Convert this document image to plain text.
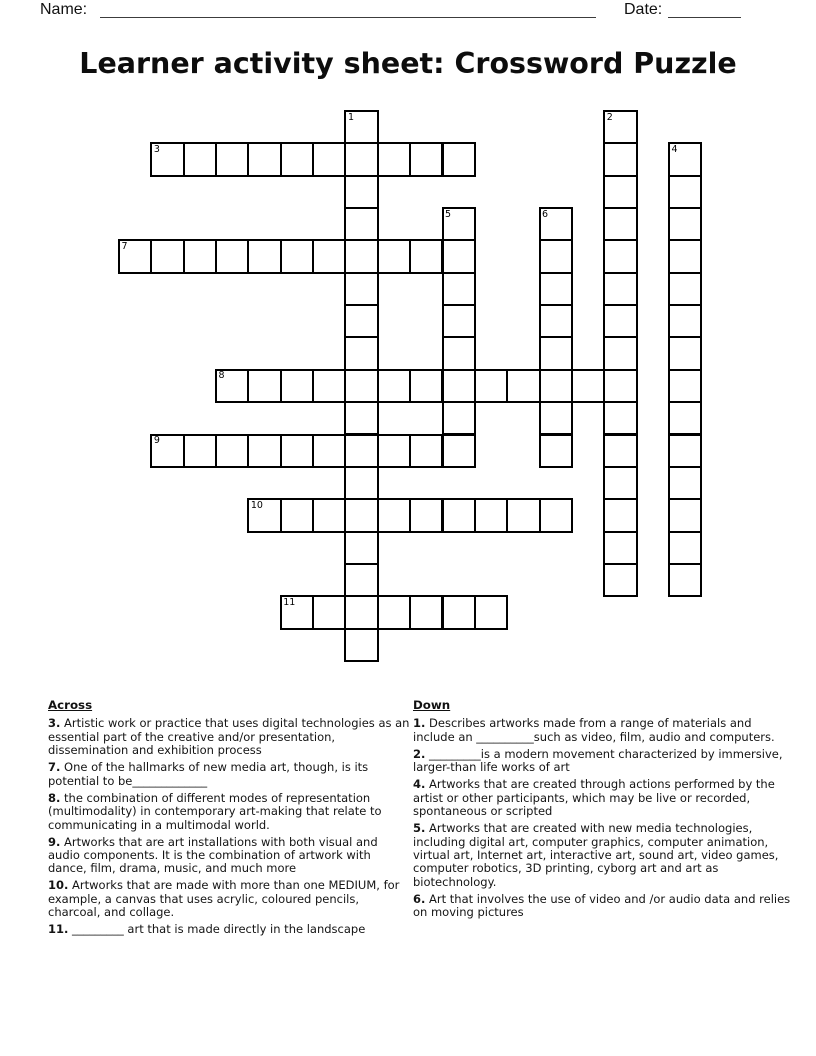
Name:	Date:
Learner activity sheet: Crossword Puzzle
1	2
3	4
5	6
7
8
9
10
11
Across

3. Artistic work or practice that uses digital technologies as an essential part of the creative and/or presentation, dissemination and exhibition process

7. One of the hallmarks of new media art, though, is its potential to be_____________

8. the combination of different modes of representation (multimodality) in contemporary art-making that relate to communicating in a multimodal world.

9. Artworks that are art installations with both visual and audio components. It is the combination of artwork with dance, film, drama, music, and much more

10. Artworks that are made with more than one MEDIUM, for example, a canvas that uses acrylic, coloured pencils, charcoal, and collage.

11. _________ art that is made directly in the landscape

Down

1. Describes artworks made from a range of materials and include an __________such as video, film, audio and computers.

2. _________is a modern movement characterized by immersive, larger-than life works of art

4. Artworks that are created through actions performed by the artist or other participants, which may be live or recorded, spontaneous or scripted

5. Artworks that are created with new media technologies, including digital art, computer graphics, computer animation, virtual art, Internet art, interactive art, sound art, video games, computer robotics, 3D printing, cyborg art and art as biotechnology.

6. Art that involves the use of video and /or audio data and relies on moving pictures
